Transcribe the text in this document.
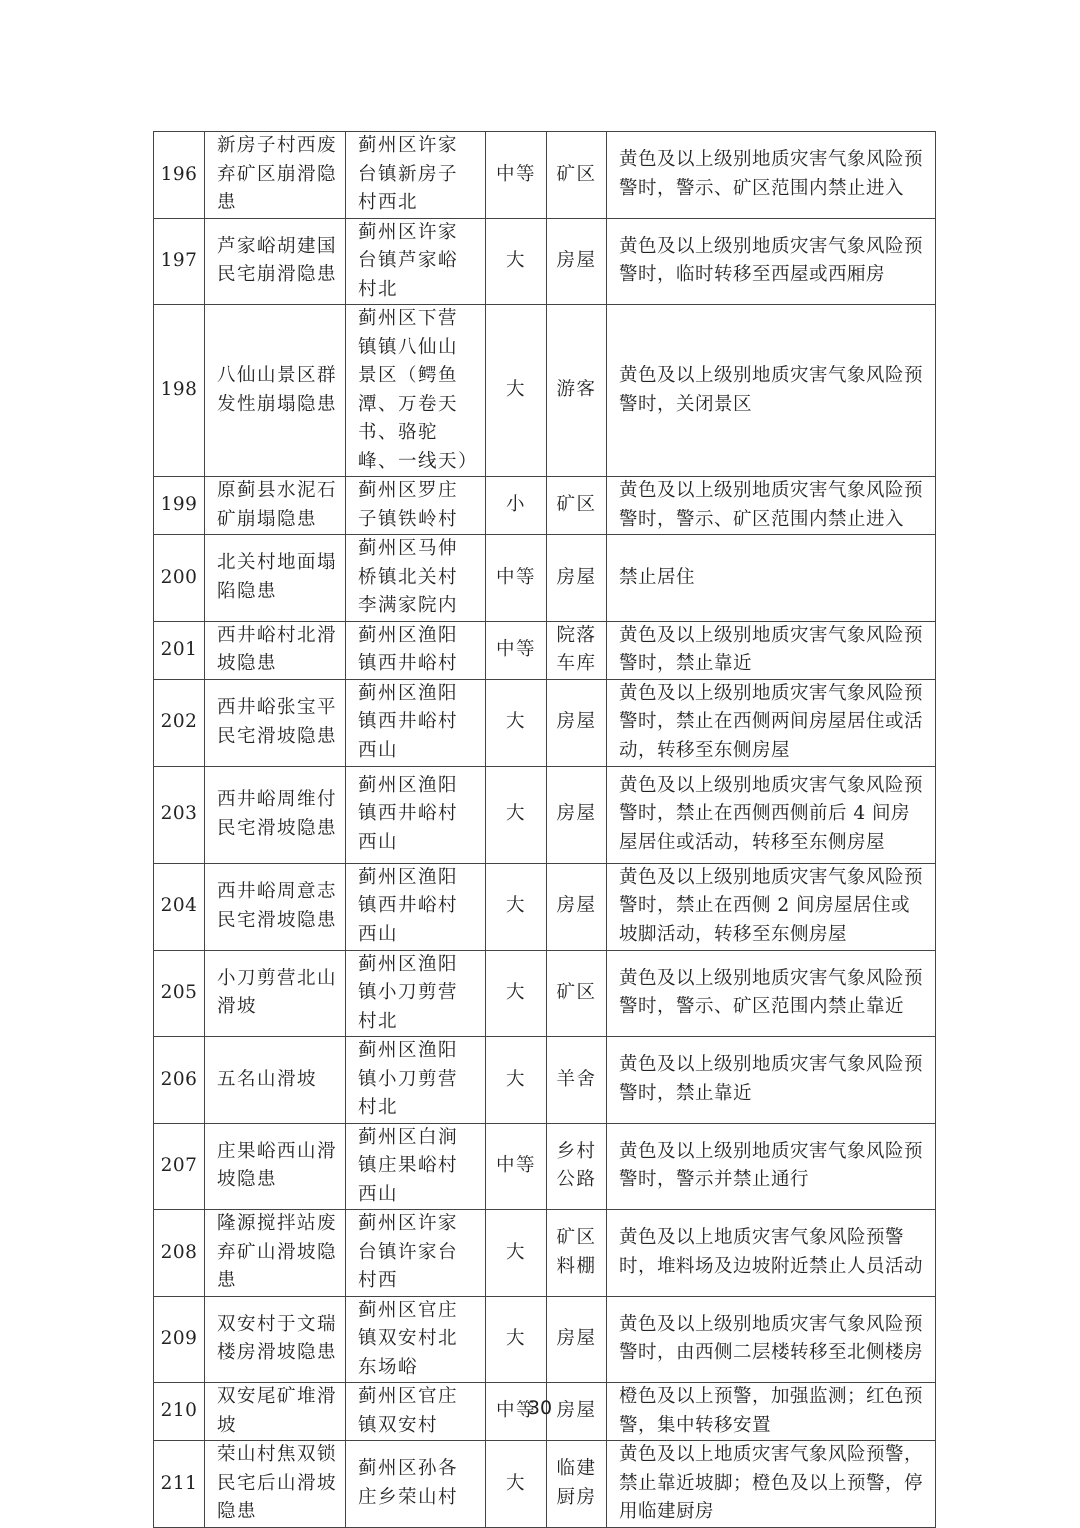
196	新房子村西废弃矿区崩滑隐患	蓟州区许家台镇新房子村西北	中等	矿区	黄色及以上级别地质灾害气象风险预警时，警示、矿区范围内禁止进入
197	芦家峪胡建国民宅崩滑隐患	蓟州区许家台镇芦家峪村北	大	房屋	黄色及以上级别地质灾害气象风险预警时，临时转移至西屋或西厢房
198	八仙山景区群发性崩塌隐患	蓟州区下营镇镇八仙山景区（鳄鱼潭、万卷天书、骆驼峰、一线天）	大	游客	黄色及以上级别地质灾害气象风险预警时，关闭景区
199	原蓟县水泥石矿崩塌隐患	蓟州区罗庄子镇铁岭村	小	矿区	黄色及以上级别地质灾害气象风险预警时，警示、矿区范围内禁止进入
200	北关村地面塌陷隐患	蓟州区马伸桥镇北关村李满家院内	中等	房屋	禁止居住
201	西井峪村北滑坡隐患	蓟州区渔阳镇西井峪村	中等	院落车库	黄色及以上级别地质灾害气象风险预警时，禁止靠近
202	西井峪张宝平民宅滑坡隐患	蓟州区渔阳镇西井峪村西山	大	房屋	黄色及以上级别地质灾害气象风险预警时，禁止在西侧两间房屋居住或活动，转移至东侧房屋
203	西井峪周维付民宅滑坡隐患	蓟州区渔阳镇西井峪村西山	大	房屋	黄色及以上级别地质灾害气象风险预警时，禁止在西侧西侧前后 4 间房屋居住或活动，转移至东侧房屋
204	西井峪周意志民宅滑坡隐患	蓟州区渔阳镇西井峪村西山	大	房屋	黄色及以上级别地质灾害气象风险预警时，禁止在西侧 2 间房屋居住或坡脚活动，转移至东侧房屋
205	小刀剪营北山滑坡	蓟州区渔阳镇小刀剪营村北	大	矿区	黄色及以上级别地质灾害气象风险预警时，警示、矿区范围内禁止靠近
206	五名山滑坡	蓟州区渔阳镇小刀剪营村北	大	羊舍	黄色及以上级别地质灾害气象风险预警时，禁止靠近
207	庄果峪西山滑坡隐患	蓟州区白涧镇庄果峪村西山	中等	乡村公路	黄色及以上级别地质灾害气象风险预警时，警示并禁止通行
208	隆源搅拌站废弃矿山滑坡隐患	蓟州区许家台镇许家台村西	大	矿区料棚	黄色及以上地质灾害气象风险预警时，堆料场及边坡附近禁止人员活动
209	双安村于文瑞楼房滑坡隐患	蓟州区官庄镇双安村北东场峪	大	房屋	黄色及以上级别地质灾害气象风险预警时，由西侧二层楼转移至北侧楼房
210	双安尾矿堆滑坡	蓟州区官庄镇双安村	中等	房屋	橙色及以上预警，加强监测；红色预警，集中转移安置
211	荣山村焦双锁民宅后山滑坡隐患	蓟州区孙各庄乡荣山村	大	临建厨房	黄色及以上地质灾害气象风险预警，禁止靠近坡脚；橙色及以上预警，停用临建厨房
30
